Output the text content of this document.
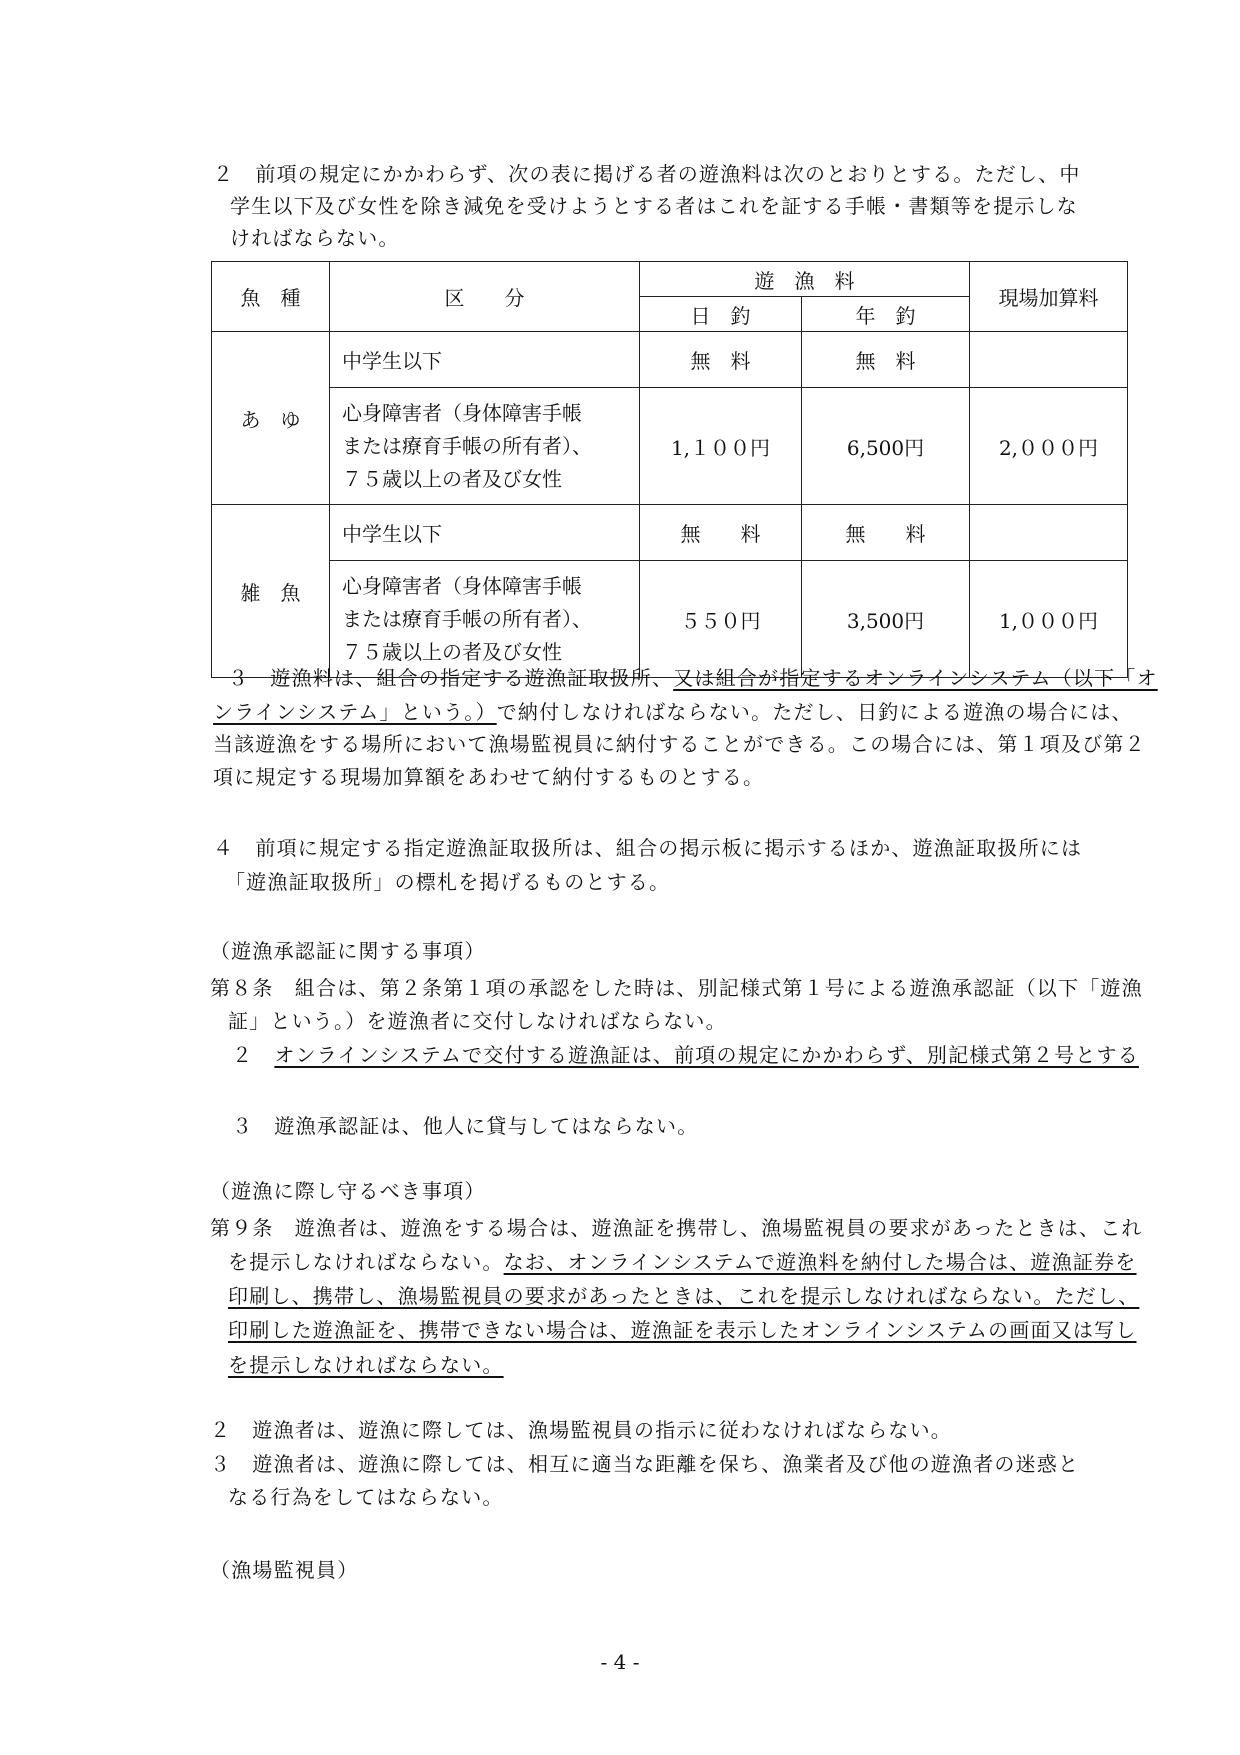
２　前項の規定にかかわらず、次の表に掲げる者の遊漁料は次のとおりとする。ただし、中
学生以下及び女性を除き減免を受けようとする者はこれを証する手帳・書類等を提示しな
ければならない。
魚　種	区　　分	遊　漁　料		現場加算料
		日　釣	年　釣	
あ　ゆ	中学生以下	無　料	無　料	

	心身障害者（身体障害手帳
または療育手帳の所有者）、
７５歳以上の者及び女性	1,１００円	6,500円	2,０００円
雑　魚	中学生以下	無　　料	無　　料	

	心身障害者（身体障害手帳
または療育手帳の所有者）、
７５歳以上の者及び女性	５５０円	3,500円	1,０００円
３　遊漁料は、組合の指定する遊漁証取扱所、又は組合が指定するオンラインシステム（以下「オ
ンラインシステム」という。）で納付しなければならない。ただし、日釣による遊漁の場合には、
当該遊漁をする場所において漁場監視員に納付することができる。この場合には、第１項及び第２
項に規定する現場加算額をあわせて納付するものとする。
４　前項に規定する指定遊漁証取扱所は、組合の掲示板に掲示するほか、遊漁証取扱所には
「遊漁証取扱所」の標札を掲げるものとする。
（遊漁承認証に関する事項）
第８条　組合は、第２条第１項の承認をした時は、別記様式第１号による遊漁承認証（以下「遊漁
証」という。）を遊漁者に交付しなければならない。
２　オンラインシステムで交付する遊漁証は、前項の規定にかかわらず、別記様式第２号とする
３　遊漁承認証は、他人に貸与してはならない。
（遊漁に際し守るべき事項）
第９条　遊漁者は、遊漁をする場合は、遊漁証を携帯し、漁場監視員の要求があったときは、これ
を提示しなければならない。なお、オンラインシステムで遊漁料を納付した場合は、遊漁証券を
印刷し、携帯し、漁場監視員の要求があったときは、これを提示しなければならない。ただし、
印刷した遊漁証を、携帯できない場合は、遊漁証を表示したオンラインシステムの画面又は写し
を提示しなければならない。
２　遊漁者は、遊漁に際しては、漁場監視員の指示に従わなければならない。
３　遊漁者は、遊漁に際しては、相互に適当な距離を保ち、漁業者及び他の遊漁者の迷惑と
なる行為をしてはならない。
（漁場監視員）
- 4 -
